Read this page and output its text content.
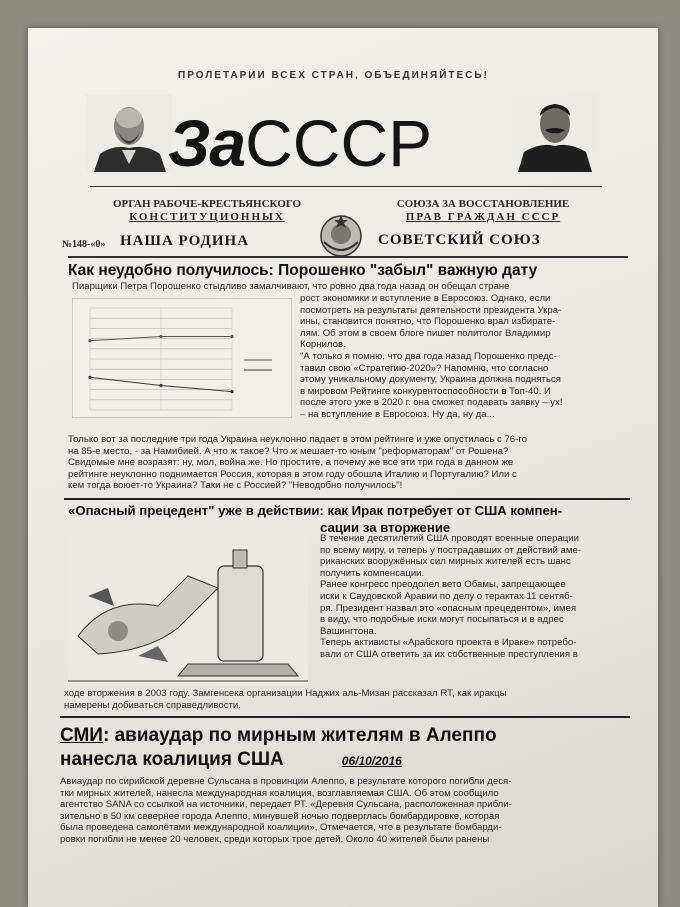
ПРОЛЕТАРИИ ВСЕХ СТРАН, ОБЪЕДИНЯЙТЕСЬ!
ЗаСССР
ОРГАН РАБОЧЕ-КРЕСТЬЯНСКОГО
КОНСТИТУЦИОННЫХ
№148-«0» НАША РОДИНА
СОЮЗА ЗА ВОССТАНОВЛЕНИЕ
ПРАВ ГРАЖДАН СССР
СОВЕТСКИЙ СОЮЗ
Как неудобно получилось: Порошенко "забыл" важную дату

Пиарщики Петра Порошенко стыдливо замалчивают, что ровно два года назад он обещал стране

рост экономики и вступление в Евросоюз. Однако, если

посмотреть на результаты деятельности президента Укра-

ины, становится понятно, что Порошенко врал избирате-

лям. Об этом в своем блоге пишет политолог Владимир

Корнилов.

"А только я помню, что два года назад Порошенко предс-

тавил свою «Стратегию-2020»? Напомню, что согласно

этому уникальному документу, Украина должна подняться

в мировом Рейтинге конкурентоспособности в Топ-40. И

после этого уже в 2020 г. она сможет подавать заявку – ух!

– на вступление в Евросоюз. Ну да, ну да...

Только вот за последние три года Украина неуклонно падает в этом рейтинге и уже опустилась с 76-го

на 85-е место, - за Намибией. А что ж такое? Что ж мешает-то юным "реформаторам" от Рошена?

Свидомые мне возразят: ну, мол, война же. Но простите, а почему же все эти три года в данном же

рейтинге неуклонно поднимается Россия, которая в этом году обошла Италию и Португалию? Или с

кем тогда воюет-то Украина? Таки не с Россией? "Неводобно получилось"!

«Опасный прецедент" уже в действии: как Ирак потребует от США компен-
сации за вторжение

В течение десятилетий США проводят военные операции

по всему миру, и теперь у пострадавших от действий аме-

риканских вооружённых сил мирных жителей есть шанс

получить компенсации.

Ранее конгресс преодолел вето Обамы, запрещающее

иски к Саудовской Аравии по делу о терактах 11 сентяб-

ря. Президент назвал это «опасным прецедентом», имея

в виду, что подобные иски могут посыпаться и в адрес

Вашингтона.

Теперь активисты «Арабского проекта в Ираке» потребо-

вали от США ответить за их собственные преступления в

ходе вторжения в 2003 году. Замгенсека организации Наджих аль-Мизан рассказал RT, как иракцы

намерены добиваться справедливости.

СМИ: авиаудар по мирным жителям в Алеппо
нанесла коалиция США	06/10/2016

Авиаудар по сирийской деревне Сульсана в провинции Алеппо, в результате которого погибли деся-

тки мирных жителей, нанесла международная коалиция, возглавляемая США. Об этом сообщило

агентство SANA со ссылкой на источники, передает РТ. «Деревня Сульсана, расположенная прибли-

зительно в 50 км севернее города Алеппо, минувшей ночью подверглась бомбардировке, которая

была проведена самолётами международной коалиции», Отмечается, что в результате бомбарди-

ровки погибли не менее 20 человек, среди которых трое детей. Около 40 жителей были ранены
